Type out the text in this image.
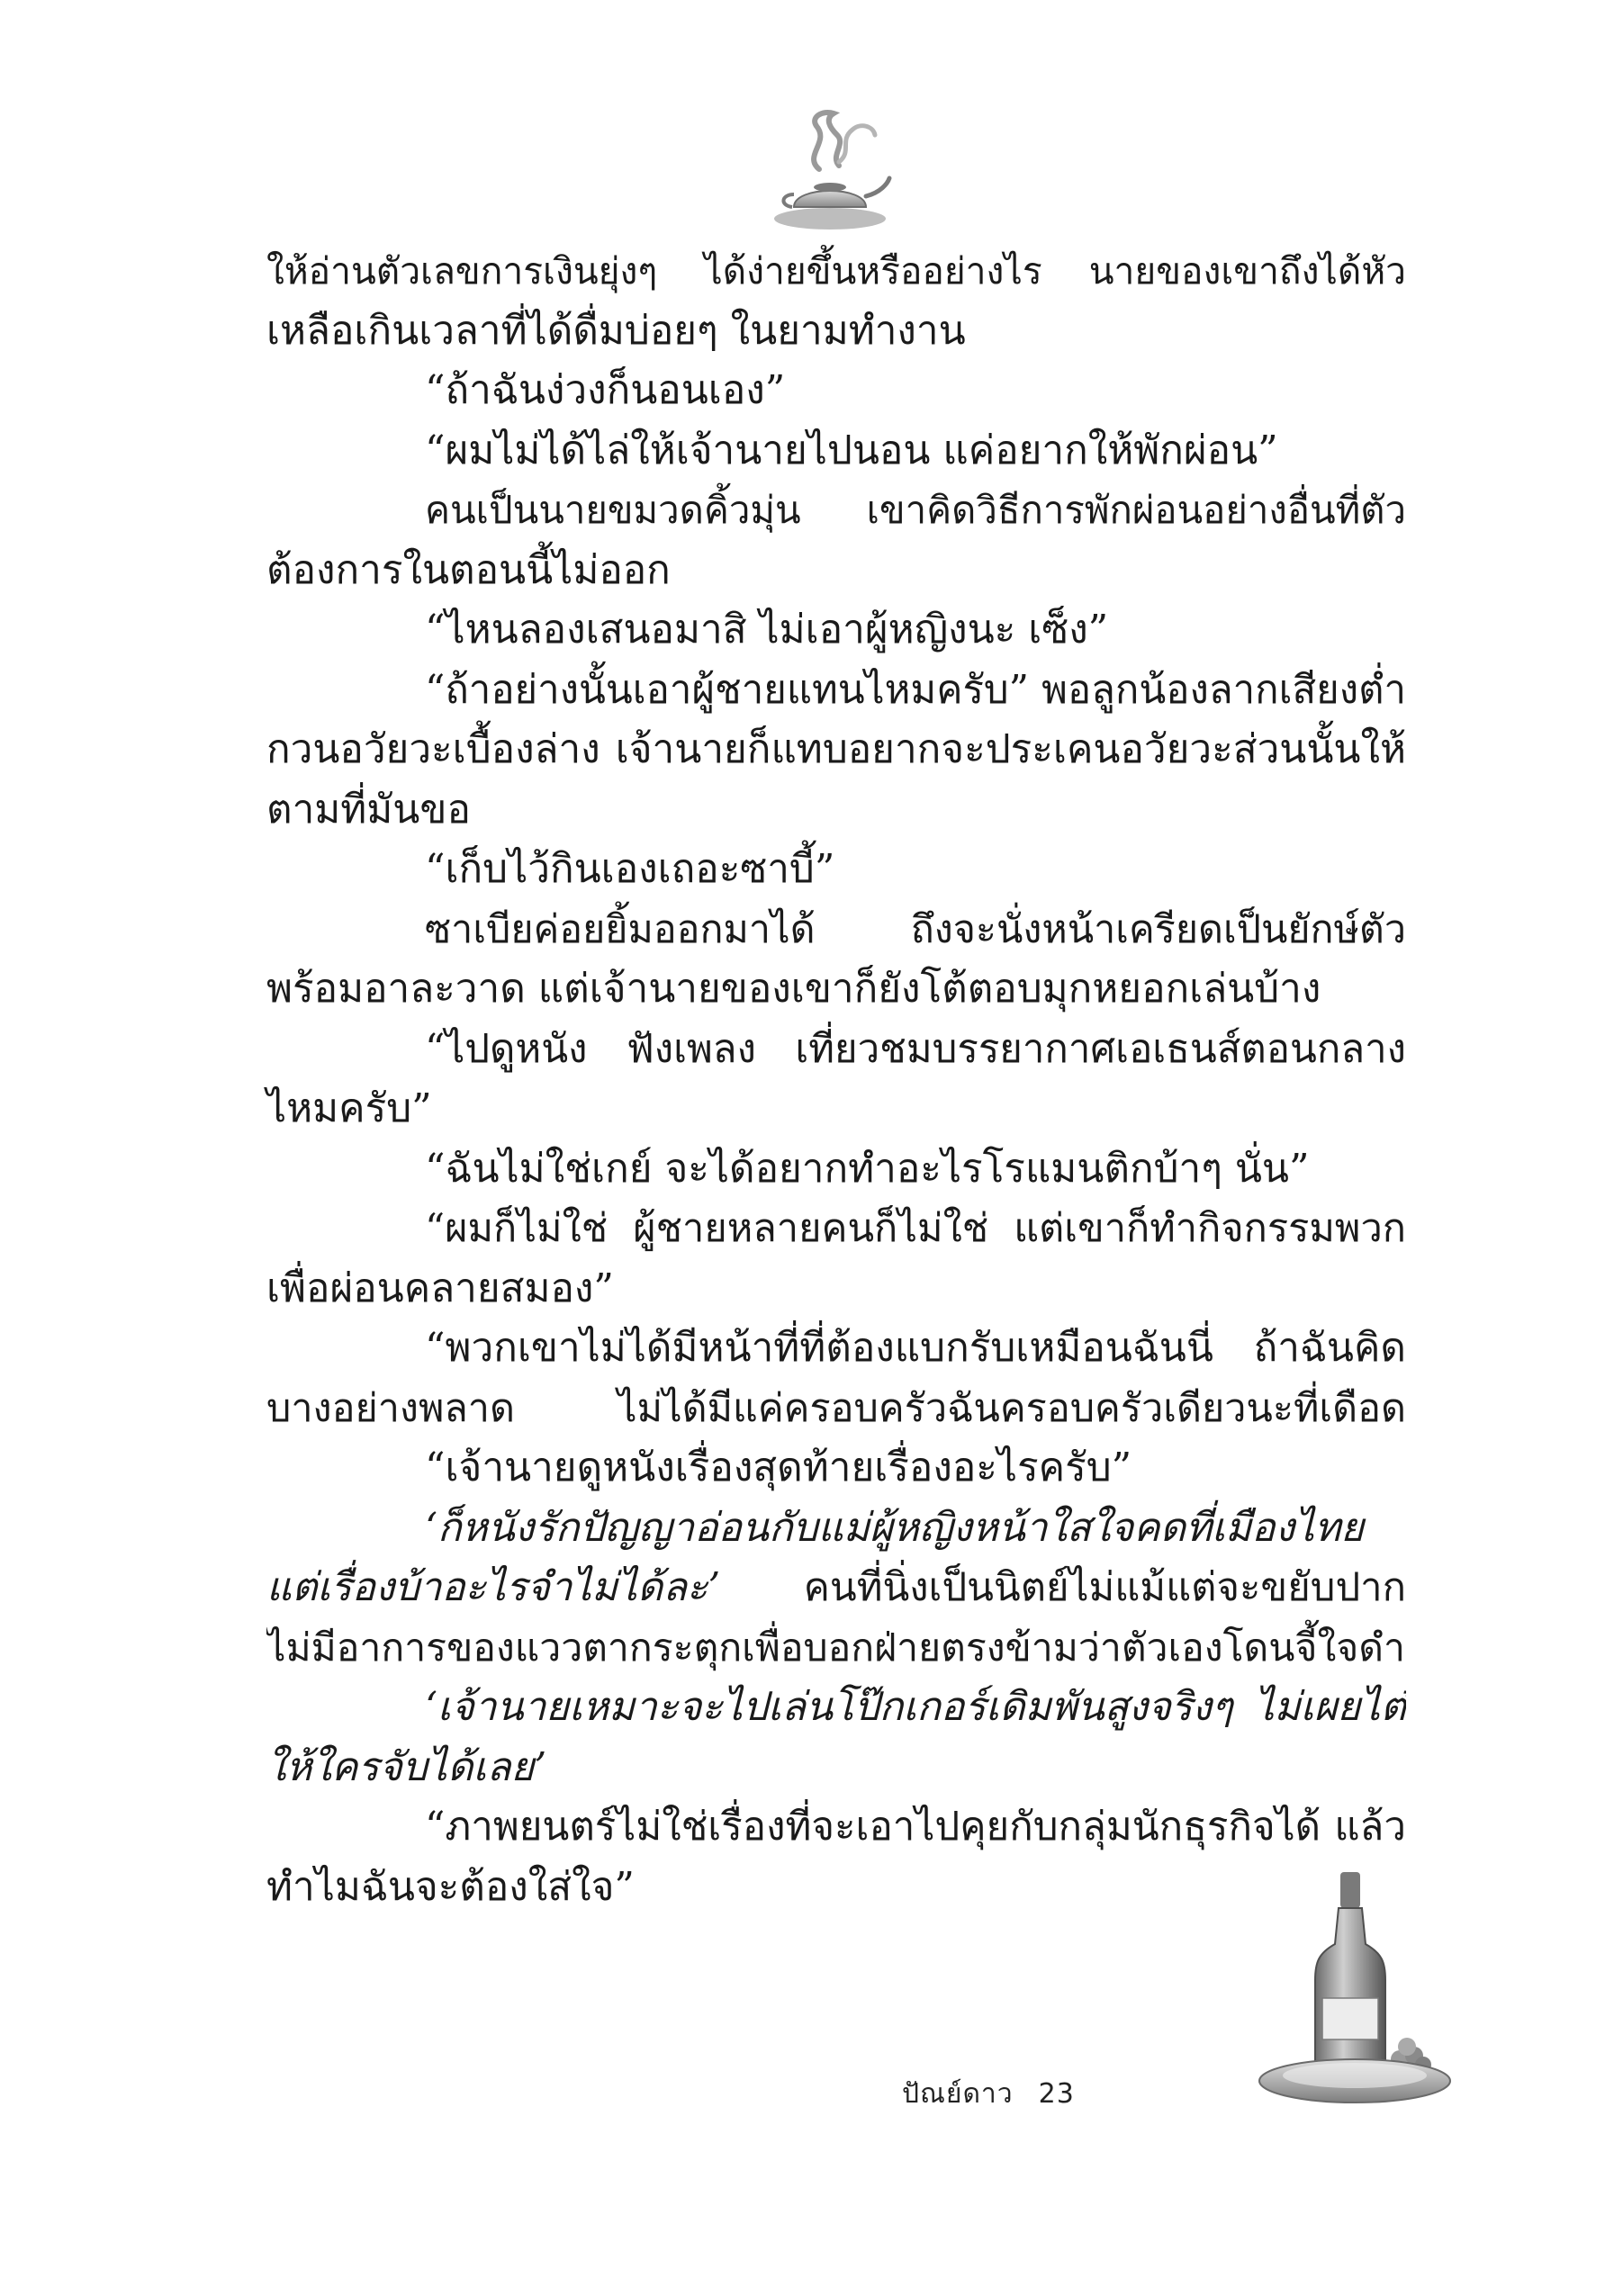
ให้อ่านตัวเลขการเงินยุ่งๆ ได้ง่ายขึ้นหรืออย่างไร นายของเขาถึงได้หัว
เหลือเกินเวลาที่ได้ดื่มบ่อยๆ ในยามทำงาน
“ถ้าฉันง่วงก็นอนเอง”
“ผมไม่ได้ไล่ให้เจ้านายไปนอน แค่อยากให้พักผ่อน”
คนเป็นนายขมวดคิ้วมุ่น เขาคิดวิธีการพักผ่อนอย่างอื่นที่ตัว
ต้องการในตอนนี้ไม่ออก
“ไหนลองเสนอมาสิ ไม่เอาผู้หญิงนะ เซ็ง”
“ถ้าอย่างนั้นเอาผู้ชายแทนไหมครับ” พอลูกน้องลากเสียงต่ำ
กวนอวัยวะเบื้องล่าง เจ้านายก็แทบอยากจะประเคนอวัยวะส่วนนั้นให้
ตามที่มันขอ
“เก็บไว้กินเองเถอะซาบี้”
ซาเบียค่อยยิ้มออกมาได้ ถึงจะนั่งหน้าเครียดเป็นยักษ์ตัว
พร้อมอาละวาด แต่เจ้านายของเขาก็ยังโต้ตอบมุกหยอกเล่นบ้าง
“ไปดูหนัง ฟังเพลง เที่ยวชมบรรยากาศเอเธนส์ตอนกลาง
ไหมครับ”
“ฉันไม่ใช่เกย์ จะได้อยากทำอะไรโรแมนติกบ้าๆ นั่น”
“ผมก็ไม่ใช่ ผู้ชายหลายคนก็ไม่ใช่ แต่เขาก็ทำกิจกรรมพวก
เพื่อผ่อนคลายสมอง”
“พวกเขาไม่ได้มีหน้าที่ที่ต้องแบกรับเหมือนฉันนี่ ถ้าฉันคิด
บางอย่างพลาด ไม่ได้มีแค่ครอบครัวฉันครอบครัวเดียวนะที่เดือด
“เจ้านายดูหนังเรื่องสุดท้ายเรื่องอะไรครับ”
‘ก็หนังรักปัญญาอ่อนกับแม่ผู้หญิงหน้าใสใจคดที่เมืองไทย
แต่เรื่องบ้าอะไรจำไม่ได้ละ’ คนที่นิ่งเป็นนิตย์ไม่แม้แต่จะขยับปาก
ไม่มีอาการของแววตากระตุกเพื่อบอกฝ่ายตรงข้ามว่าตัวเองโดนจี้ใจดำ
‘เจ้านายเหมาะจะไปเล่นโป๊กเกอร์เดิมพันสูงจริงๆ ไม่เผยไต๋
ให้ใครจับได้เลย’
“ภาพยนตร์ไม่ใช่เรื่องที่จะเอาไปคุยกับกลุ่มนักธุรกิจได้ แล้ว
ทำไมฉันจะต้องใส่ใจ”
ปัณย์ดาว 23
